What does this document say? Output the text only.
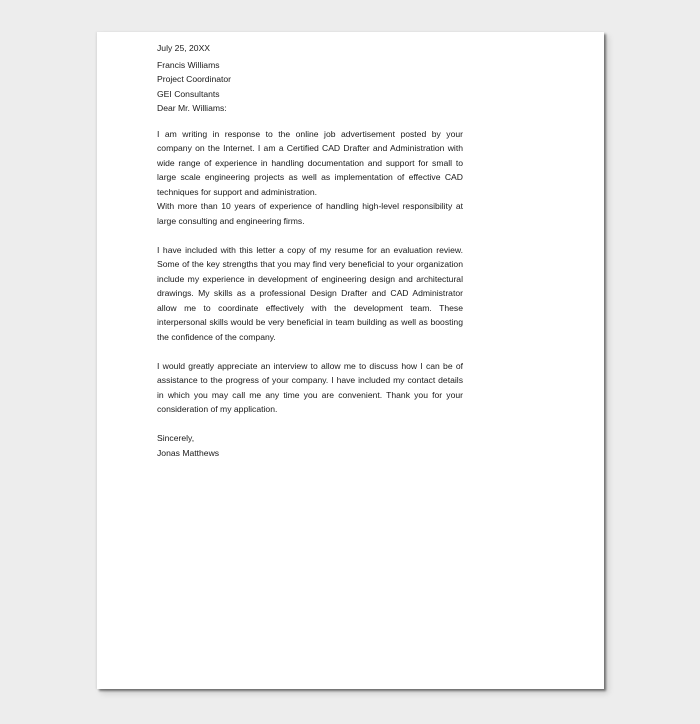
July 25, 20XX
Francis Williams
Project Coordinator
GEI Consultants
Dear Mr. Williams:

I am writing in response to the online job advertisement posted by your company on the Internet. I am a Certified CAD Drafter and Administration with wide range of experience in handling documentation and support for small to large scale engineering projects as well as implementation of effective CAD techniques for support and administration.

With more than 10 years of experience of handling high-level responsibility at large consulting and engineering firms.

I have included with this letter a copy of my resume for an evaluation review. Some of the key strengths that you may find very beneficial to your organization include my experience in development of engineering design and architectural drawings. My skills as a professional Design Drafter and CAD Administrator allow me to coordinate effectively with the development team. These interpersonal skills would be very beneficial in team building as well as boosting the confidence of the company.

I would greatly appreciate an interview to allow me to discuss how I can be of assistance to the progress of your company. I have included my contact details in which you may call me any time you are convenient. Thank you for your consideration of my application.

Sincerely,
Jonas Matthews
